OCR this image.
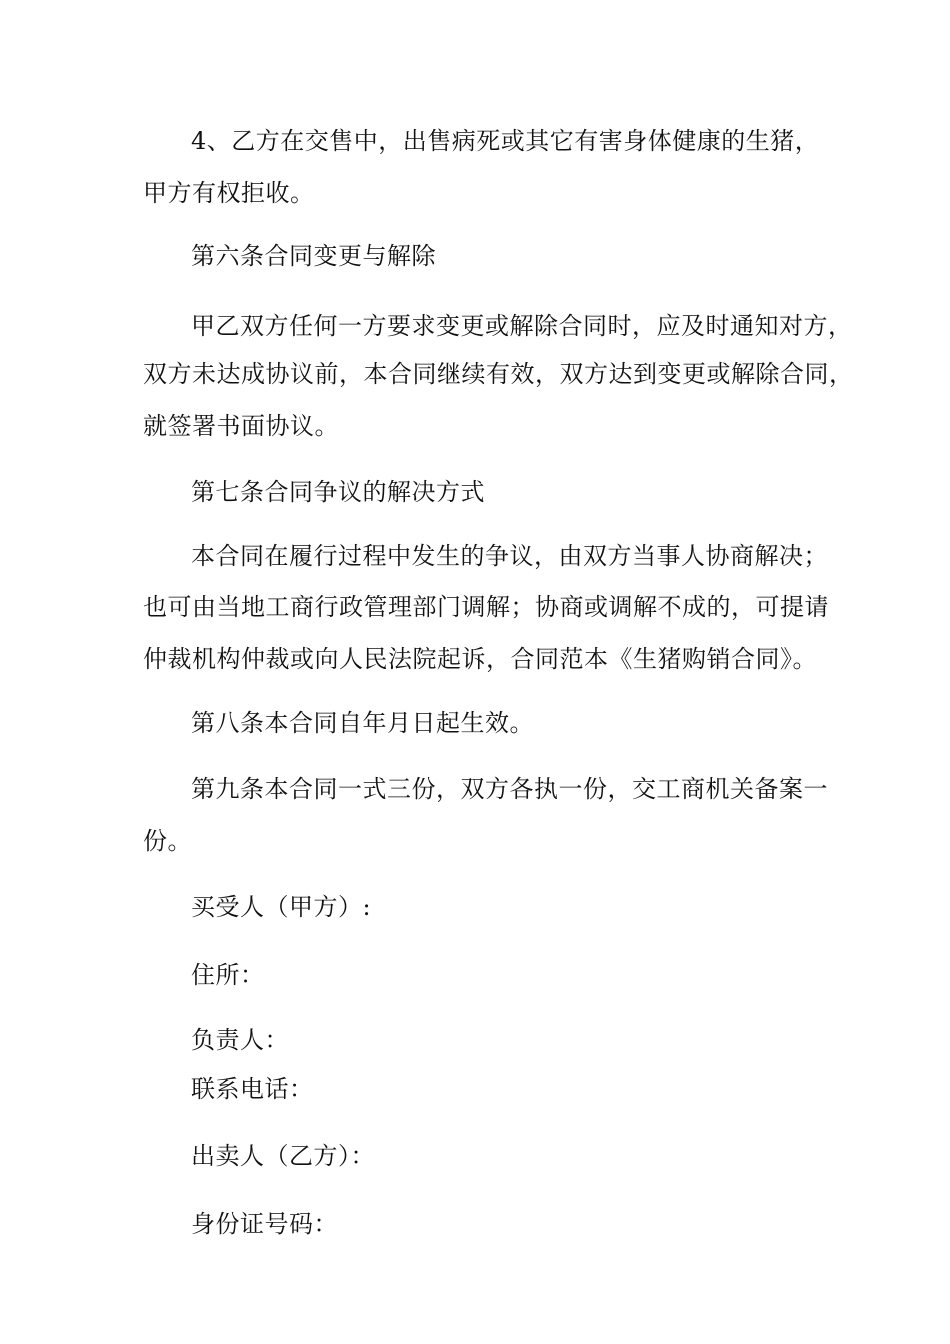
4、乙方在交售中，出售病死或其它有害身体健康的生猪，
甲方有权拒收。
第六条合同变更与解除
甲乙双方任何一方要求变更或解除合同时，应及时通知对方，
双方未达成协议前，本合同继续有效，双方达到变更或解除合同，
就签署书面协议。
第七条合同争议的解决方式
本合同在履行过程中发生的争议，由双方当事人协商解决；
也可由当地工商行政管理部门调解；协商或调解不成的，可提请
仲裁机构仲裁或向人民法院起诉，合同范本《生猪购销合同》。
第八条本合同自年月日起生效。
第九条本合同一式三份，双方各执一份，交工商机关备案一
份。
买受人（甲方）:
住所：
负责人：
联系电话：
出卖人（乙方）：
身份证号码：
